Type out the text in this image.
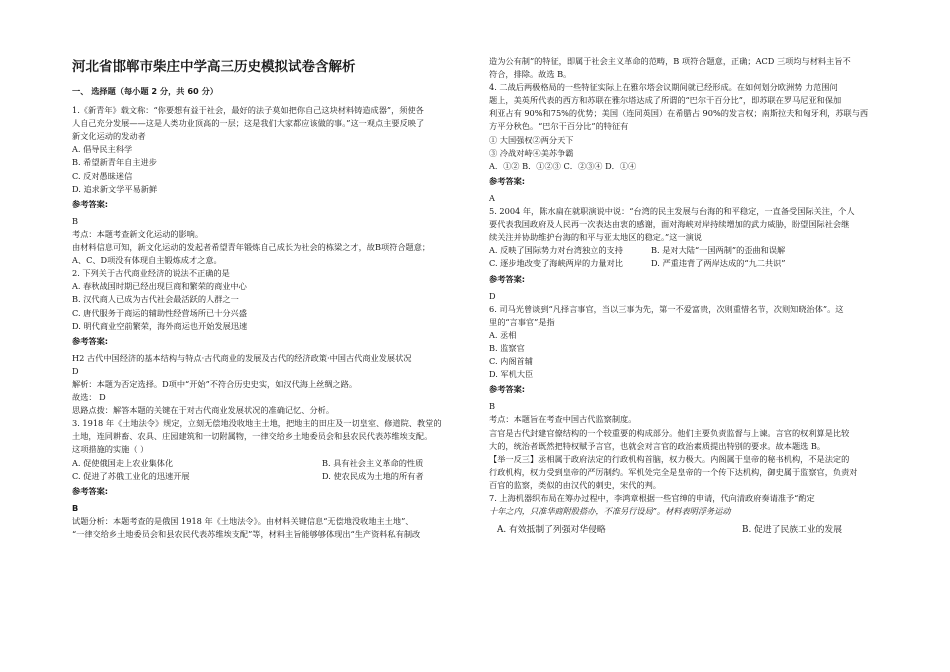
河北省邯郸市柴庄中学高三历史模拟试卷含解析
一、 选择题（每小题 2 分，共 60 分）

1.《新青年》载文称：“你要想有益于社会，最好的法子莫如把你自己这块材料铸造成器”，须使各

人自己充分发展——这是人类功业顶高的一层；这是我们大家都应该做的事。”这一观点主要反映了

新文化运动的发动者

A. 倡导民主科学

B. 希望新青年自主进步

C. 反对愚昧迷信

D. 追求新文学平易新鲜

参考答案:

B

考点：本题考查新文化运动的影响。

由材料信息可知，新文化运动的发起者希望青年锻炼自己成长为社会的栋梁之才，故B项符合题意；

A、C、D项没有体现自主锻炼成才之意。

2. 下列关于古代商业经济的说法不正确的是

A. 春秋战国时期已经出现巨商和繁荣的商业中心

B. 汉代商人已成为古代社会最活跃的人群之一

C. 唐代服务于商运的辅助性经营场所已十分兴盛

D. 明代商业空前繁荣，海外商运也开始发展迅速

参考答案:

H2 古代中国经济的基本结构与特点·古代商业的发展及古代的经济政策·中国古代商业发展状况

D

解析：本题为否定选择。D项中“开始”不符合历史史实，如汉代海上丝绸之路。

故选： D

思路点拨：解答本题的关键在于对古代商业发展状况的准确记忆、分析。

3. 1918 年《土地法令》规定，立刻无偿地没收地主土地，把地主的田庄及一切皇室、修道院、教堂的

土地，连同耕畜、农具、庄园建筑和一切附属物，一律交给乡土地委员会和县农民代表苏维埃支配。

这项措施的实施（ ）

A. 促使俄国走上农业集体化	B. 具有社会主义革命的性质
C. 促进了苏俄工业化的迅速开展	D. 使农民成为土地的所有者
参考答案:

B

试题分析：本题考查的是俄国 1918 年《土地法令》。由材料关键信息“无偿地没收地主土地”、

“一律交给乡土地委员会和县农民代表苏维埃支配”等，材料主旨能够够体现出“生产资料私有制改

造为公有制”的特征，即属于社会主义革命的范畴，B 项符合题意，正确；ACD 三项均与材料主旨不

符合，排除。故选 B。

4. 二战后两极格局的一些特征实际上在雅尔塔会议期间就已经形成。在如何划分欧洲势 力范围问

题上，美英所代表的西方和苏联在雅尔塔达成了所谓的“巴尔干百分比”，即苏联在罗马尼亚和保加

利亚占有 90%和75%的优势；美国（连同英国）在希腊占 90%的发言权；南斯拉夫和匈牙利，苏联与西

方平分秋色。“巴尔干百分比”的特征有

① 大国强权②两分天下

③ 冷战对峙④美苏争霸

A．①② B．①②③ C．②③④ D．①④

参考答案:

A

5. 2004 年，陈水扁在就职演说中说：“台湾的民主发展与台海的和平稳定，一直备受国际关注，个人

要代表我国政府及人民再一次表达由衷的感谢，面对海峡对岸持续增加的武力威胁，盼望国际社会继

续关注并协助维护台海的和平与亚太地区的稳定。”这一演说

A. 反映了国际势力对台湾独立的支持	B. 是对大陆“一国两制”的歪曲和误解
C. 逐步地改变了海峡两岸的力量对比	D. 严重违背了两岸达成的“九二共识”
参考答案:

D

6. 司马光曾谈到“凡择言事官，当以三事为先，第一不爱富贵，次则重惜名节，次则知晓治体”。这

里的“言事官”是指

A. 丞相

B. 监察官

C. 内阁首辅

D. 军机大臣

参考答案:

B

考点：本题旨在考查中国古代监察制度。

言官是古代封建官僚结构的一个较重要的构成部分。他们主要负责监督与上谏。言官的权利算是比较

大的，统治者既然把特权赋予言官，也就会对言官的政治素质提出特别的要求。故本题选 B。

【举一反三】丞相属于政府法定的行政机构首脑，权力极大。内阁属于皇帝的秘书机构，不是法定的

行政机构，权力受到皇帝的严厉制约。军机处完全是皇帝的一个传下达机构，御史属于监察官，负责对

百官的监察，类似的由汉代的刺史，宋代的判。

7. 上海机器织布局在筹办过程中，李鸿章根据一些官绅的申请，代向清政府奏请准予“酌定

十年之内，只准华商附股搭办，不准另行设局”。材料表明浮务运动

A. 有效抵制了列强对华侵略	B. 促进了民族工业的发展
